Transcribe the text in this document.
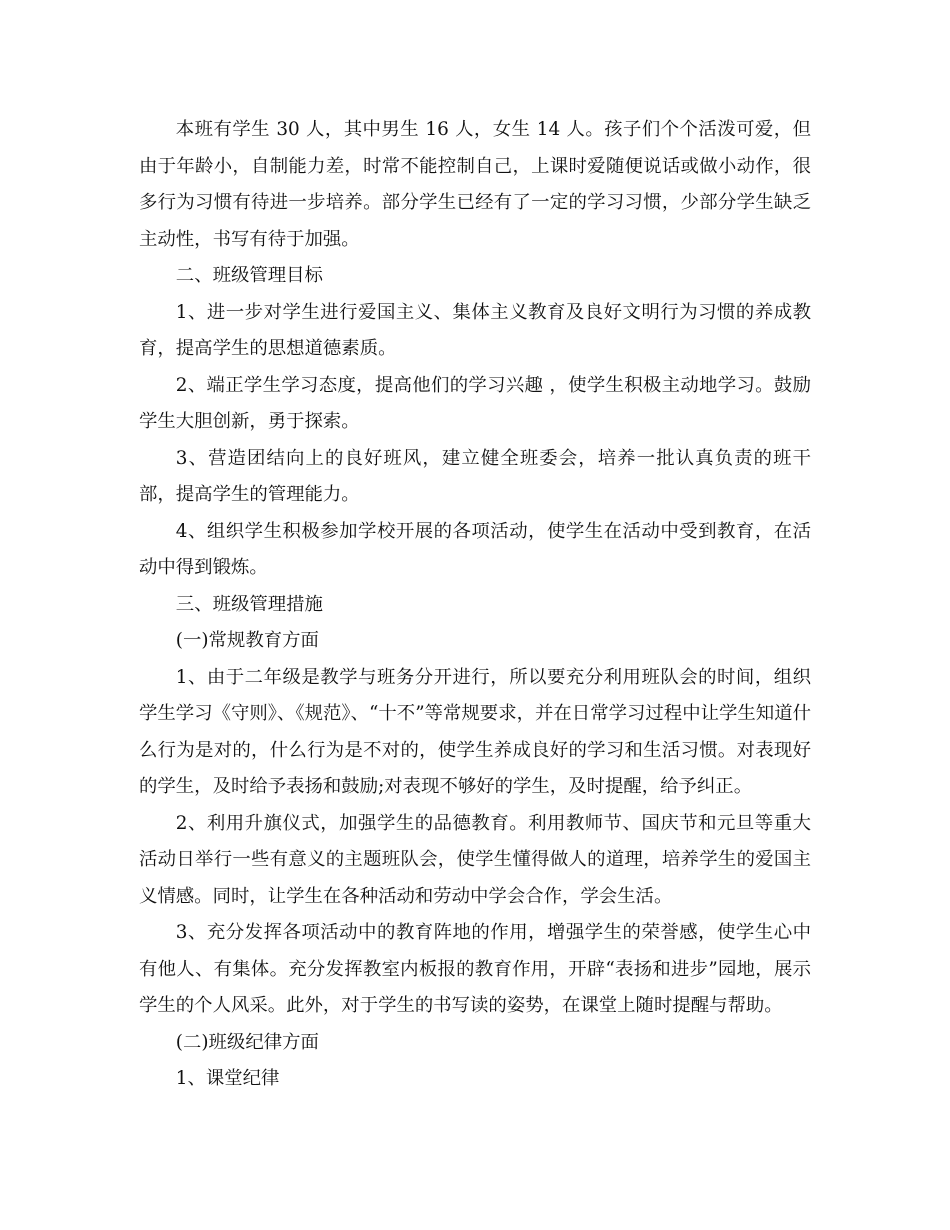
本班有学生 30 人，其中男生 16 人，女生 14 人。孩子们个个活泼可爱，但由于年龄小，自制能力差，时常不能控制自己，上课时爱随便说话或做小动作，很多行为习惯有待进一步培养。部分学生已经有了一定的学习习惯，少部分学生缺乏主动性，书写有待于加强。

二、班级管理目标

1、进一步对学生进行爱国主义、集体主义教育及良好文明行为习惯的养成教育，提高学生的思想道德素质。

2、端正学生学习态度，提高他们的学习兴趣 ，使学生积极主动地学习。鼓励学生大胆创新，勇于探索。

3、营造团结向上的良好班风，建立健全班委会，培养一批认真负责的班干部，提高学生的管理能力。

4、组织学生积极参加学校开展的各项活动，使学生在活动中受到教育，在活动中得到锻炼。

三、班级管理措施

(一)常规教育方面

1、由于二年级是教学与班务分开进行，所以要充分利用班队会的时间，组织学生学习《守则》、《规范》、“十不”等常规要求，并在日常学习过程中让学生知道什么行为是对的，什么行为是不对的，使学生养成良好的学习和生活习惯。对表现好的学生，及时给予表扬和鼓励;对表现不够好的学生，及时提醒，给予纠正。

2、利用升旗仪式，加强学生的品德教育。利用教师节、国庆节和元旦等重大活动日举行一些有意义的主题班队会，使学生懂得做人的道理，培养学生的爱国主义情感。同时，让学生在各种活动和劳动中学会合作，学会生活。

3、充分发挥各项活动中的教育阵地的作用，增强学生的荣誉感，使学生心中有他人、有集体。充分发挥教室内板报的教育作用，开辟“表扬和进步”园地，展示学生的个人风采。此外，对于学生的书写读的姿势，在课堂上随时提醒与帮助。

(二)班级纪律方面

1、课堂纪律
